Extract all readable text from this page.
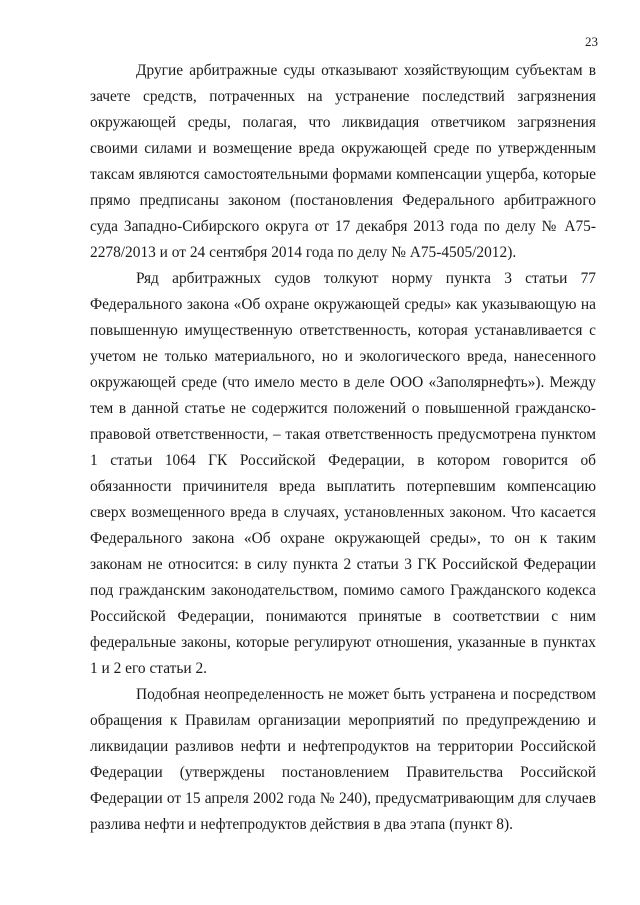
23

Другие арбитражные суды отказывают хозяйствующим субъектам в зачете средств, потраченных на устранение последствий загрязнения окружающей среды, полагая, что ликвидация ответчиком загрязнения своими силами и возмещение вреда окружающей среде по утвержденным таксам являются самостоятельными формами компенсации ущерба, которые прямо предписаны законом (постановления Федерального арбитражного суда Западно-Сибирского округа от 17 декабря 2013 года по делу № А75-2278/2013 и от 24 сентября 2014 года по делу № А75-4505/2012).

Ряд арбитражных судов толкуют норму пункта 3 статьи 77 Федерального закона «Об охране окружающей среды» как указывающую на повышенную имущественную ответственность, которая устанавливается с учетом не только материального, но и экологического вреда, нанесенного окружающей среде (что имело место в деле ООО «Заполярнефть»). Между тем в данной статье не содержится положений о повышенной гражданско-правовой ответственности, – такая ответственность предусмотрена пунктом 1 статьи 1064 ГК Российской Федерации, в котором говорится об обязанности причинителя вреда выплатить потерпевшим компенсацию сверх возмещенного вреда в случаях, установленных законом. Что касается Федерального закона «Об охране окружающей среды», то он к таким законам не относится: в силу пункта 2 статьи 3 ГК Российской Федерации под гражданским законодательством, помимо самого Гражданского кодекса Российской Федерации, понимаются принятые в соответствии с ним федеральные законы, которые регулируют отношения, указанные в пунктах 1 и 2 его статьи 2.

Подобная неопределенность не может быть устранена и посредством обращения к Правилам организации мероприятий по предупреждению и ликвидации разливов нефти и нефтепродуктов на территории Российской Федерации (утверждены постановлением Правительства Российской Федерации от 15 апреля 2002 года № 240), предусматривающим для случаев разлива нефти и нефтепродуктов действия в два этапа (пункт 8).
